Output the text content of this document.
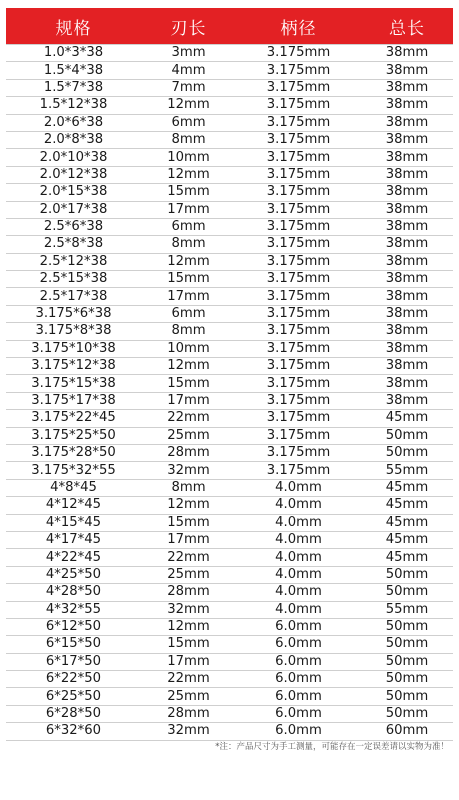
规格	刃长	柄径	总长
1.0*3*38	3mm	3.175mm	38mm
1.5*4*38	4mm	3.175mm	38mm
1.5*7*38	7mm	3.175mm	38mm
1.5*12*38	12mm	3.175mm	38mm
2.0*6*38	6mm	3.175mm	38mm
2.0*8*38	8mm	3.175mm	38mm
2.0*10*38	10mm	3.175mm	38mm
2.0*12*38	12mm	3.175mm	38mm
2.0*15*38	15mm	3.175mm	38mm
2.0*17*38	17mm	3.175mm	38mm
2.5*6*38	6mm	3.175mm	38mm
2.5*8*38	8mm	3.175mm	38mm
2.5*12*38	12mm	3.175mm	38mm
2.5*15*38	15mm	3.175mm	38mm
2.5*17*38	17mm	3.175mm	38mm
3.175*6*38	6mm	3.175mm	38mm
3.175*8*38	8mm	3.175mm	38mm
3.175*10*38	10mm	3.175mm	38mm
3.175*12*38	12mm	3.175mm	38mm
3.175*15*38	15mm	3.175mm	38mm
3.175*17*38	17mm	3.175mm	38mm
3.175*22*45	22mm	3.175mm	45mm
3.175*25*50	25mm	3.175mm	50mm
3.175*28*50	28mm	3.175mm	50mm
3.175*32*55	32mm	3.175mm	55mm
4*8*45	8mm	4.0mm	45mm
4*12*45	12mm	4.0mm	45mm
4*15*45	15mm	4.0mm	45mm
4*17*45	17mm	4.0mm	45mm
4*22*45	22mm	4.0mm	45mm
4*25*50	25mm	4.0mm	50mm
4*28*50	28mm	4.0mm	50mm
4*32*55	32mm	4.0mm	55mm
6*12*50	12mm	6.0mm	50mm
6*15*50	15mm	6.0mm	50mm
6*17*50	17mm	6.0mm	50mm
6*22*50	22mm	6.0mm	50mm
6*25*50	25mm	6.0mm	50mm
6*28*50	28mm	6.0mm	50mm
6*32*60	32mm	6.0mm	60mm
*注：产品尺寸为手工测量，可能存在一定误差请以实物为准！
